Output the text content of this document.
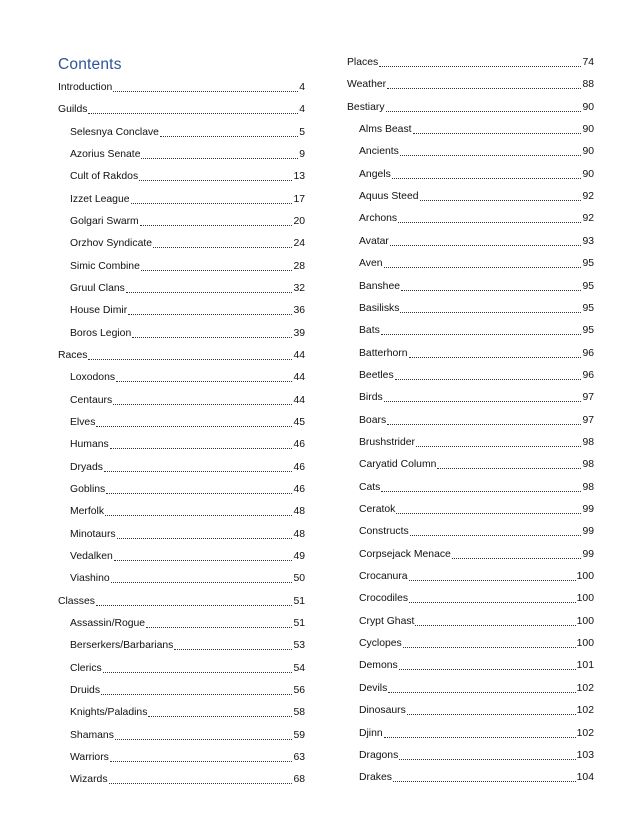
Contents
Introduction	4
Guilds	4
Selesnya Conclave	5
Azorius Senate	9
Cult of Rakdos	13
Izzet League	17
Golgari Swarm	20
Orzhov Syndicate	24
Simic Combine	28
Gruul Clans	32
House Dimir	36
Boros Legion	39
Races	44
Loxodons	44
Centaurs	44
Elves	45
Humans	46
Dryads	46
Goblins	46
Merfolk	48
Minotaurs	48
Vedalken	49
Viashino	50
Classes	51
Assassin/Rogue	51
Berserkers/Barbarians	53
Clerics	54
Druids	56
Knights/Paladins	58
Shamans	59
Warriors	63
Wizards	68
Places	74
Weather	88
Bestiary	90
Alms Beast	90
Ancients	90
Angels	90
Aquus Steed	92
Archons	92
Avatar	93
Aven	95
Banshee	95
Basilisks	95
Bats	95
Batterhorn	96
Beetles	96
Birds	97
Boars	97
Brushstrider	98
Caryatid Column	98
Cats	98
Ceratok	99
Constructs	99
Corpsejack Menace	99
Crocanura	100
Crocodiles	100
Crypt Ghast	100
Cyclopes	100
Demons	101
Devils	102
Dinosaurs	102
Djinn	102
Dragons	103
Drakes	104
